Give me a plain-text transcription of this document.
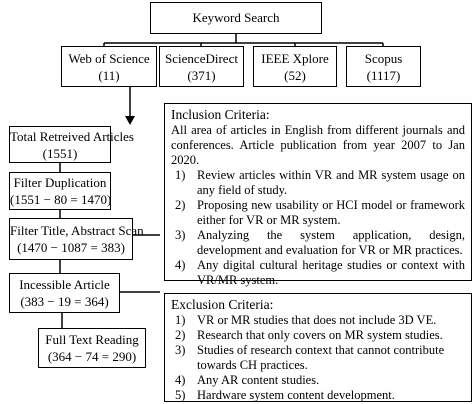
Keyword Search
Web of Science
(11)
ScienceDirect
(371)
IEEE Xplore
(52)
Scopus
(1117)
Total Retreived Articles
(1551)
Filter Duplication
(1551 − 80 = 1470)
Filter Title, Abstract Scan
(1470 − 1087 = 383)
Incessible Article
(383 − 19 = 364)
Full Text Reading
(364 − 74 = 290)
Inclusion Criteria:
All area of articles in English from different journals and conferences. Article publication from year 2007 to Jan 2020.
1) Review articles within VR and MR system usage on any field of study.
2) Proposing new usability or HCI model or framework either for VR or MR system.
3) Analyzing the system application, design, development and evaluation for VR or MR practices.
4) Any digital cultural heritage studies or context with VR/MR system.
Exclusion Criteria:
1) VR or MR studies that does not include 3D VE.
2) Research that only covers on MR system studies.
3) Studies of research context that cannot contribute towards CH practices.
4) Any AR content studies.
5) Hardware system content development.
